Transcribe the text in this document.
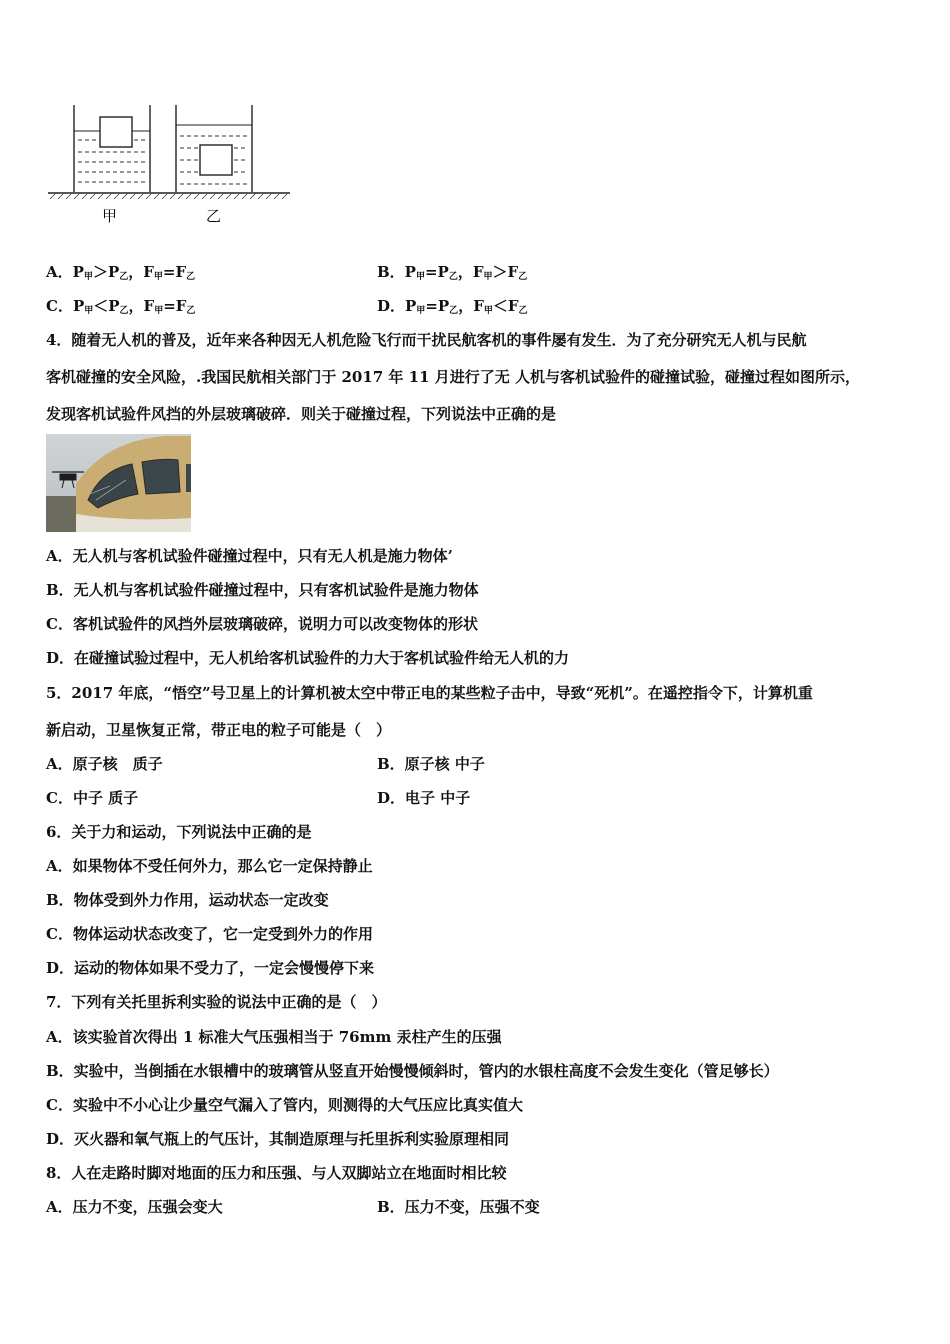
甲	乙
A．$P_甲>P_乙$，$F_甲=F_乙$	B．$P_甲=P_乙$，$F_甲>F_乙$
C．$P_甲<P_乙$，$F_甲=F_乙$	D．$P_甲=P_乙$，$F_甲<F_乙$
4．随着无人机的普及，近年来各种因无人机危险飞行而干扰民航客机的事件屡有发生．为了充分研究无人机与民航
客机碰撞的安全风险，.我国民航相关部门于 2017 年 11 月进行了无 人机与客机试验件的碰撞试验，碰撞过程如图所示，
发现客机试验件风挡的外层玻璃破碎．则关于碰撞过程，下列说法中正确的是
A．无人机与客机试验件碰撞过程中，只有无人机是施力物体’
B．无人机与客机试验件碰撞过程中，只有客机试验件是施力物体
C．客机试验件的风挡外层玻璃破碎，说明力可以改变物体的形状
D．在碰撞试验过程中，无人机给客机试验件的力大于客机试验件给无人机的力
5．2017 年底，“悟空”号卫星上的计算机被太空中带正电的某些粒子击中，导致“死机”。在遥控指令下，计算机重
新启动，卫星恢复正常，带正电的粒子可能是（　）
A．原子核　质子	B．原子核 中子
C．中子 质子	D．电子 中子
6．关于力和运动，下列说法中正确的是
A．如果物体不受任何外力，那么它一定保持静止
B．物体受到外力作用，运动状态一定改变
C．物体运动状态改变了，它一定受到外力的作用
D．运动的物体如果不受力了，一定会慢慢停下来
7．下列有关托里拆利实验的说法中正确的是（　）
A．该实验首次得出 1 标准大气压强相当于 76mm 汞柱产生的压强
B．实验中，当倒插在水银槽中的玻璃管从竖直开始慢慢倾斜时，管内的水银柱高度不会发生变化（管足够长）
C．实验中不小心让少量空气漏入了管内，则测得的大气压应比真实值大
D．灭火器和氧气瓶上的气压计，其制造原理与托里拆利实验原理相同
8．人在走路时脚对地面的压力和压强、与人双脚站立在地面时相比较
A．压力不变，压强会变大	B．压力不变，压强不变
